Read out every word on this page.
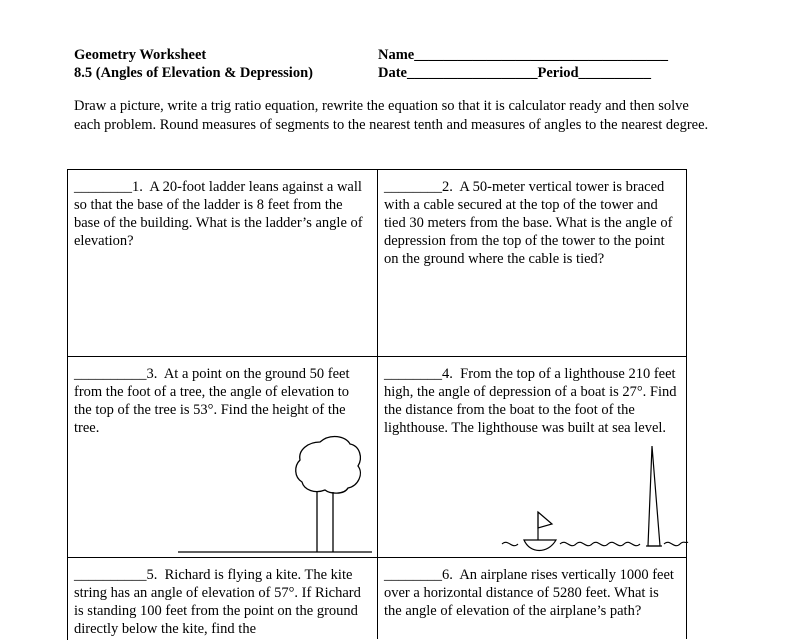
Geometry Worksheet
8.5 (Angles of Elevation & Depression)
Name___________________________________
Date__________________Period__________
Draw a picture, write a trig ratio equation, rewrite the equation so that it is calculator ready and then solve each problem. Round measures of segments to the nearest tenth and measures of angles to the nearest degree.
________1. A 20-foot ladder leans against a wall so that the base of the ladder is 8 feet from the base of the building. What is the ladder’s angle of elevation?
________2. A 50-meter vertical tower is braced with a cable secured at the top of the tower and tied 30 meters from the base. What is the angle of depression from the top of the tower to the point on the ground where the cable is tied?
__________3. At a point on the ground 50 feet from the foot of a tree, the angle of elevation to the top of the tree is 53°. Find the height of the tree.
________4. From the top of a lighthouse 210 feet high, the angle of depression of a boat is 27°. Find the distance from the boat to the foot of the lighthouse. The lighthouse was built at sea level.
__________5. Richard is flying a kite. The kite string has an angle of elevation of 57°. If Richard is standing 100 feet from the point on the ground directly below the kite, find the
________6. An airplane rises vertically 1000 feet over a horizontal distance of 5280 feet. What is the angle of elevation of the airplane’s path?
